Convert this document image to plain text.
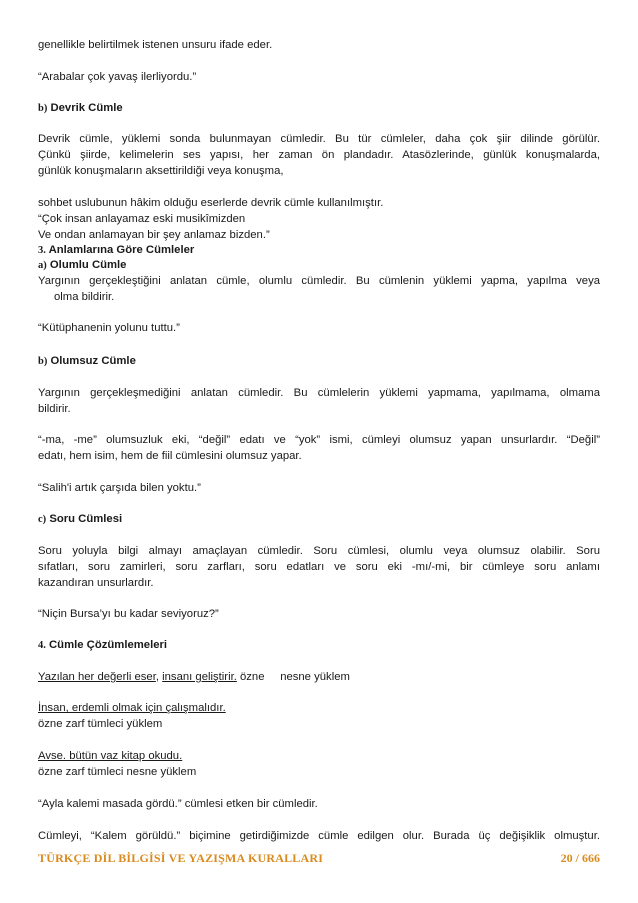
genellikle belirtilmek istenen unsuru ifade eder.

“Arabalar çok yavaş ilerliyordu.”

b) Devrik Cümle

Devrik cümle, yüklemi sonda bulunmayan cümledir. Bu tür cümleler, daha çok şiir dilinde görülür.

Çünkü şiirde, kelimelerin ses yapısı, her zaman ön plandadır. Atasözlerinde, günlük konuşmalarda,

günlük konuşmaların aksettirildiği veya konuşma,

sohbet uslubunun hâkim olduğu eserlerde devrik cümle kullanılmıştır.

“Çok insan anlayamaz eski musikîmizden

Ve ondan anlamayan bir şey anlamaz bizden.”

3. Anlamlarına Göre Cümleler

a) Olumlu Cümle

Yargının gerçekleştiğini anlatan cümle, olumlu cümledir. Bu cümlenin yüklemi yapma, yapılma veya

olma bildirir.

“Kütüphanenin yolunu tuttu.”

b) Olumsuz Cümle

Yargının gerçekleşmediğini anlatan cümledir. Bu cümlelerin yüklemi yapmama, yapılmama, olmama

bildirir.

“-ma, -me” olumsuzluk eki, “değil” edatı ve “yok” ismi, cümleyi olumsuz yapan unsurlardır. “Değil”

edatı, hem isim, hem de fiil cümlesini olumsuz yapar.

“Salih'i artık çarşıda bilen yoktu.”

c) Soru Cümlesi

Soru yoluyla bilgi almayı amaçlayan cümledir. Soru cümlesi, olumlu veya olumsuz olabilir. Soru

sıfatları, soru zamirleri, soru zarfları, soru edatları ve soru eki -mı/-mi, bir cümleye soru anlamı

kazandıran unsurlardır.

“Niçin Bursa’yı bu kadar seviyoruz?”

4. Cümle Çözümlemeleri

Yazılan her değerli eser, insanı geliştirir. özne     nesne yüklem

İnsan, erdemli olmak için çalışmalıdır.

özne zarf tümleci yüklem

Avse. bütün vaz kitap okudu.

özne zarf tümleci nesne yüklem

“Ayla kalemi masada gördü.” cümlesi etken bir cümledir.

Cümleyi, “Kalem görüldü.” biçimine getirdiğimizde cümle edilgen olur. Burada üç değişiklik olmuştur.

TÜRKÇE DİL BİLGİSİ VE YAZIŞMA KURALLARI	20 / 666
